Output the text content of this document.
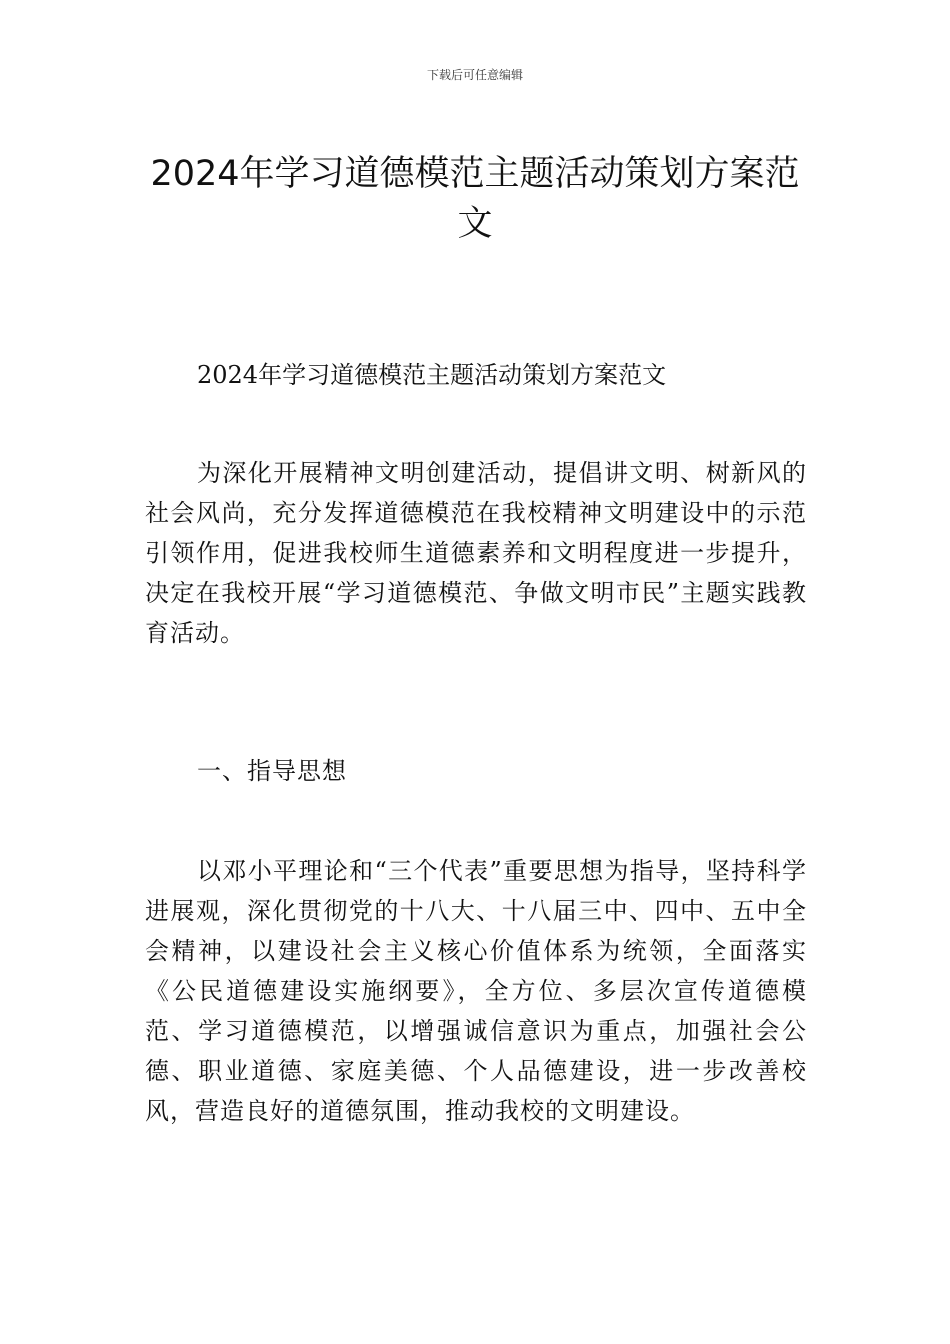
下载后可任意编辑
2024年学习道德模范主题活动策划方案范文

2024年学习道德模范主题活动策划方案范文

为深化开展精神文明创建活动，提倡讲文明、树新风的社会风尚，充分发挥道德模范在我校精神文明建设中的示范引领作用，促进我校师生道德素养和文明程度进一步提升，决定在我校开展“学习道德模范、争做文明市民”主题实践教育活动。

一、指导思想

以邓小平理论和“三个代表”重要思想为指导，坚持科学进展观，深化贯彻党的十八大、十八届三中、四中、五中全会精神，以建设社会主义核心价值体系为统领，全面落实《公民道德建设实施纲要》，全方位、多层次宣传道德模范、学习道德模范，以增强诚信意识为重点，加强社会公德、职业道德、家庭美德、个人品德建设，进一步改善校风，营造良好的道德氛围，推动我校的文明建设。
